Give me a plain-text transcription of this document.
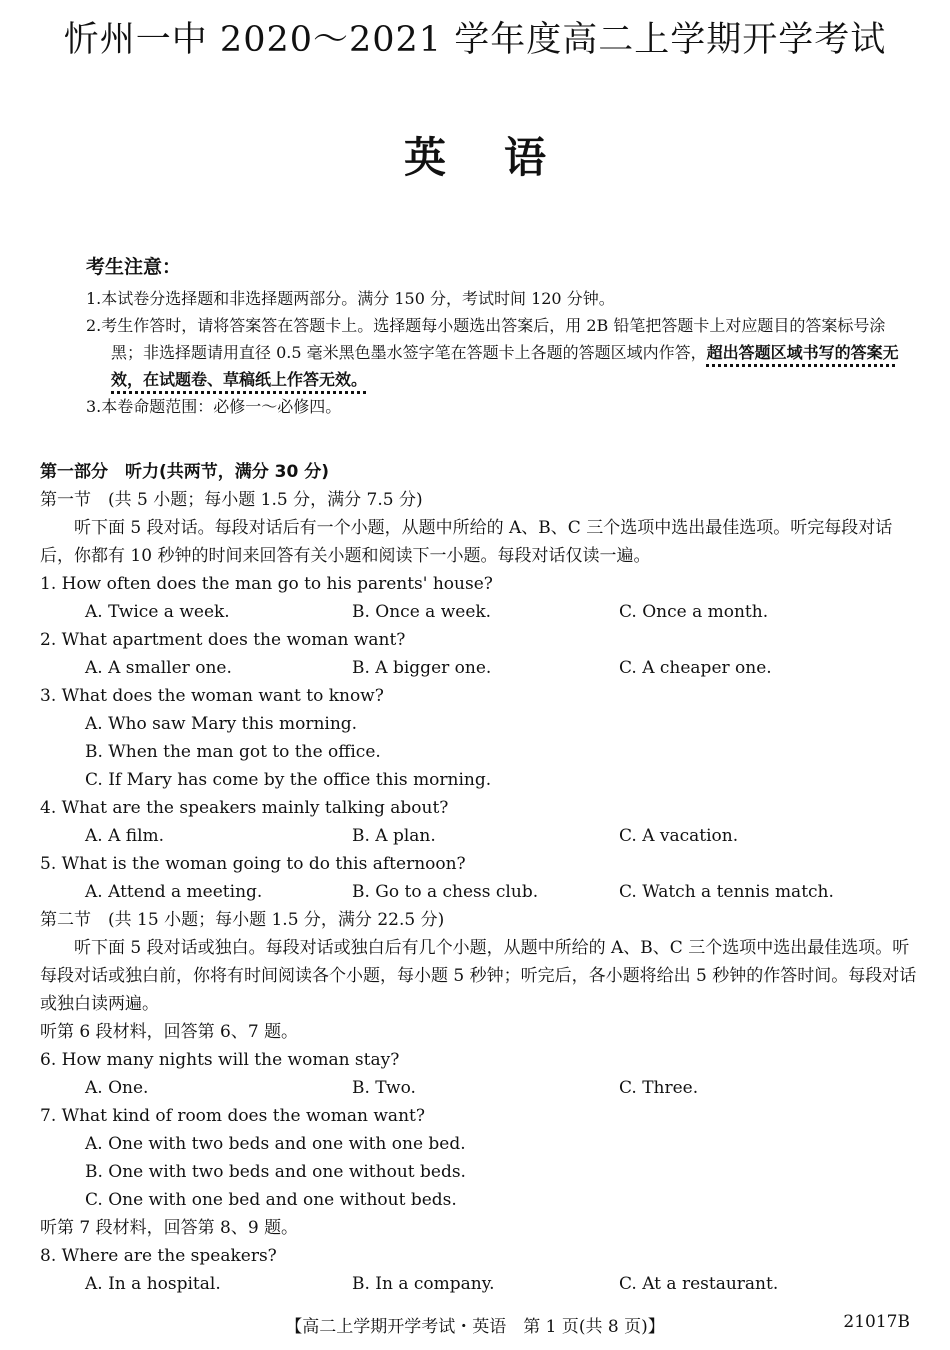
忻州一中 2020～2021 学年度高二上学期开学考试
英语
考生注意：
1.本试卷分选择题和非选择题两部分。满分 150 分，考试时间 120 分钟。
2.考生作答时，请将答案答在答题卡上。选择题每小题选出答案后，用 2B 铅笔把答题卡上对应题目的答案标号涂黑；非选择题请用直径 0.5 毫米黑色墨水签字笔在答题卡上各题的答题区域内作答，超出答题区域书写的答案无效，在试题卷、草稿纸上作答无效。
3.本卷命题范围：必修一～必修四。
第一部分　听力(共两节，满分 30 分)
第一节　(共 5 小题；每小题 1.5 分，满分 7.5 分)
听下面 5 段对话。每段对话后有一个小题，从题中所给的 A、B、C 三个选项中选出最佳选项。听完每段对话后，你都有 10 秒钟的时间来回答有关小题和阅读下一小题。每段对话仅读一遍。
1. How often does the man go to his parents' house?
A. Twice a week.	B. Once a week.	C. Once a month.
2. What apartment does the woman want?
A. A smaller one.	B. A bigger one.	C. A cheaper one.
3. What does the woman want to know?
A. Who saw Mary this morning.
B. When the man got to the office.
C. If Mary has come by the office this morning.
4. What are the speakers mainly talking about?
A. A film.	B. A plan.	C. A vacation.
5. What is the woman going to do this afternoon?
A. Attend a meeting.	B. Go to a chess club.	C. Watch a tennis match.
第二节　(共 15 小题；每小题 1.5 分，满分 22.5 分)
听下面 5 段对话或独白。每段对话或独白后有几个小题，从题中所给的 A、B、C 三个选项中选出最佳选项。听每段对话或独白前，你将有时间阅读各个小题，每小题 5 秒钟；听完后，各小题将给出 5 秒钟的作答时间。每段对话或独白读两遍。
听第 6 段材料，回答第 6、7 题。
6. How many nights will the woman stay?
A. One.	B. Two.	C. Three.
7. What kind of room does the woman want?
A. One with two beds and one with one bed.
B. One with two beds and one without beds.
C. One with one bed and one without beds.
听第 7 段材料，回答第 8、9 题。
8. Where are the speakers?
A. In a hospital.	B. In a company.	C. At a restaurant.
【高二上学期开学考试・英语　第 1 页(共 8 页)】	21017B
